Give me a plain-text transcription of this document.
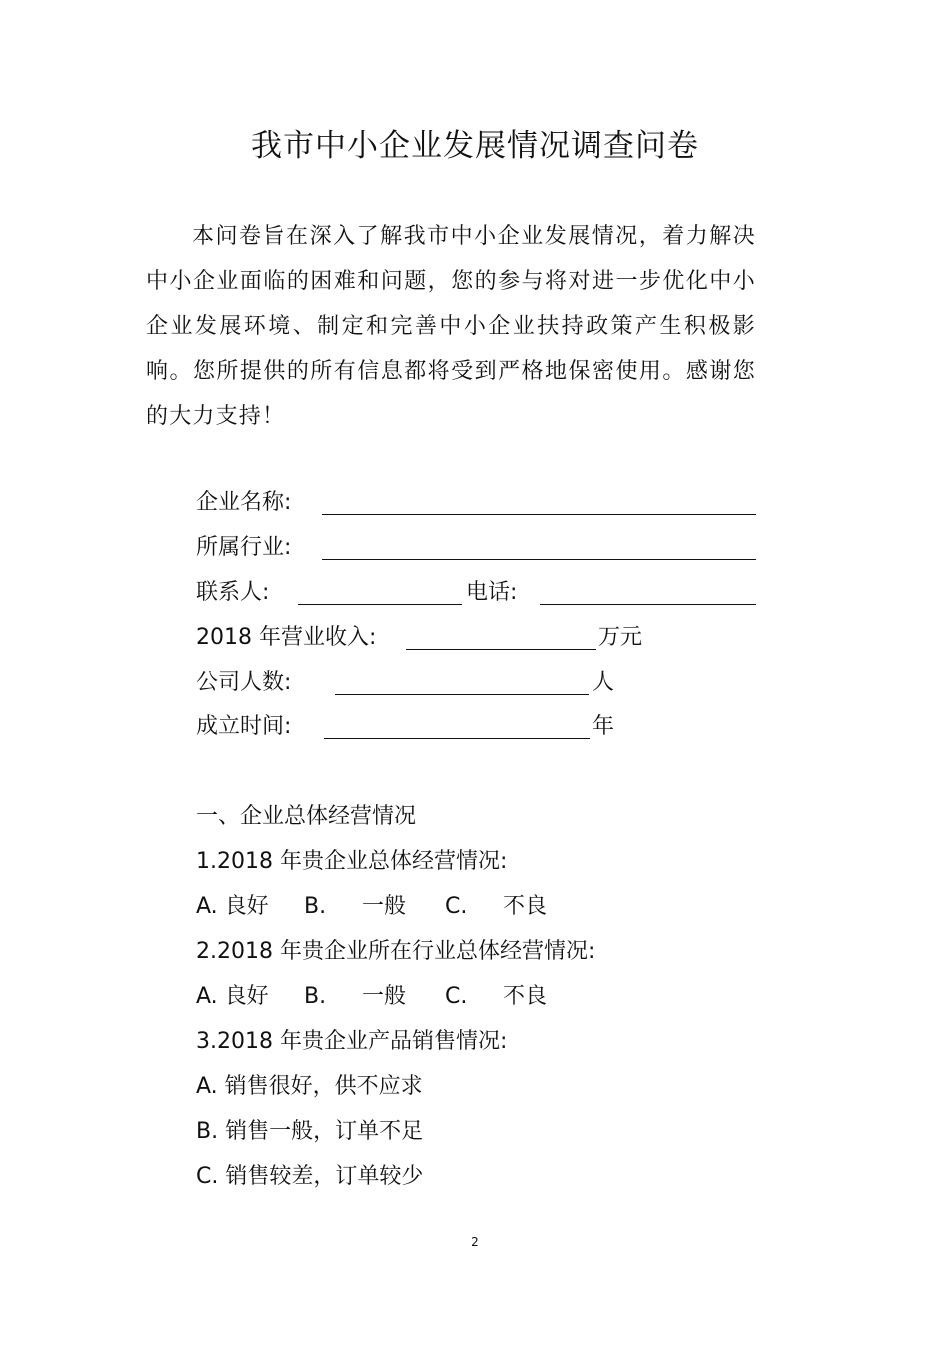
我市中小企业发展情况调查问卷

本问卷旨在深入了解我市中小企业发展情况，着力解决中小企业面临的困难和问题，您的参与将对进一步优化中小企业发展环境、制定和完善中小企业扶持政策产生积极影响。您所提供的所有信息都将受到严格地保密使用。感谢您的大力支持！

企业名称:
所属行业:
联系人:	电话:
2018 年营业收入:	万元
公司人数:	人
成立时间:	年
一、企业总体经营情况
1.2018 年贵企业总体经营情况:
A. 良好 B. 一般 C. 不良
2.2018 年贵企业所在行业总体经营情况:
A. 良好 B. 一般 C. 不良
3.2018 年贵企业产品销售情况:
A. 销售很好，供不应求
B. 销售一般，订单不足
C. 销售较差，订单较少
2
